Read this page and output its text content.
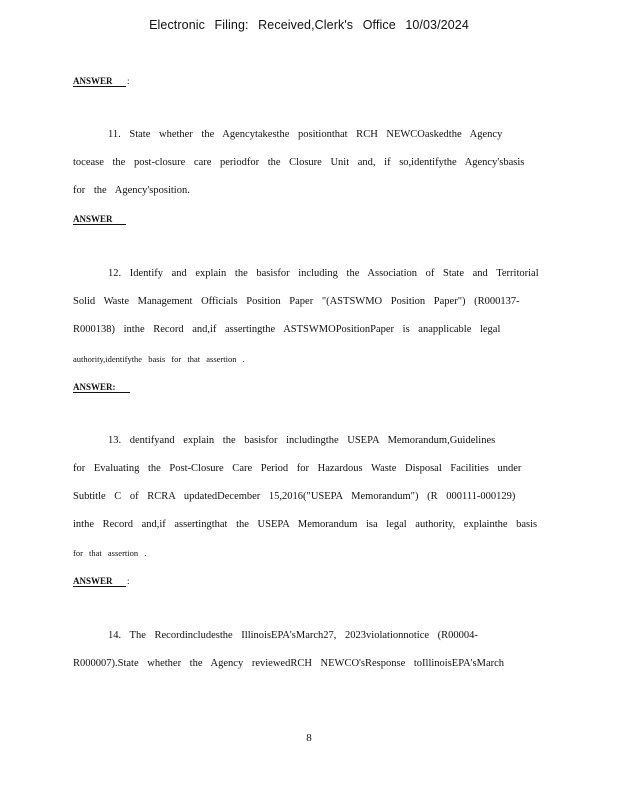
Electronic Filing: Received,Clerk's Office 10/03/2024
ANSWER :
11. State whether the Agencytakesthe positionthat RCH NEWCOaskedthe Agency
tocease the post-closure care periodfor the Closure Unit and, if so,identifythe Agency'sbasis
for the Agency'sposition.
ANSWER
12. Identify and explain the basisfor including the Association of State and Territorial
Solid Waste Management Officials Position Paper "(ASTSWMO Position Paper") (R000137-
R000138) inthe Record and,if assertingthe ASTSWMOPositionPaper is anapplicable legal
authority,identifythe basis for that assertion .
ANSWER:
13. dentifyand explain the basisfor includingthe USEPA Memorandum,Guidelines
for Evaluating the Post-Closure Care Period for Hazardous Waste Disposal Facilities under
Subtitle C of RCRA updatedDecember 15,2016("USEPA Memorandum") (R 000111-000129)
inthe Record and,if assertingthat the USEPA Memorandum isa legal authority, explainthe basis
for that assertion .
ANSWER :
14. The Recordincludesthe IllinoisEPA'sMarch27, 2023violationnotice (R00004-
R000007).State whether the Agency reviewedRCH NEWCO'sResponse toIllinoisEPA'sMarch
8
